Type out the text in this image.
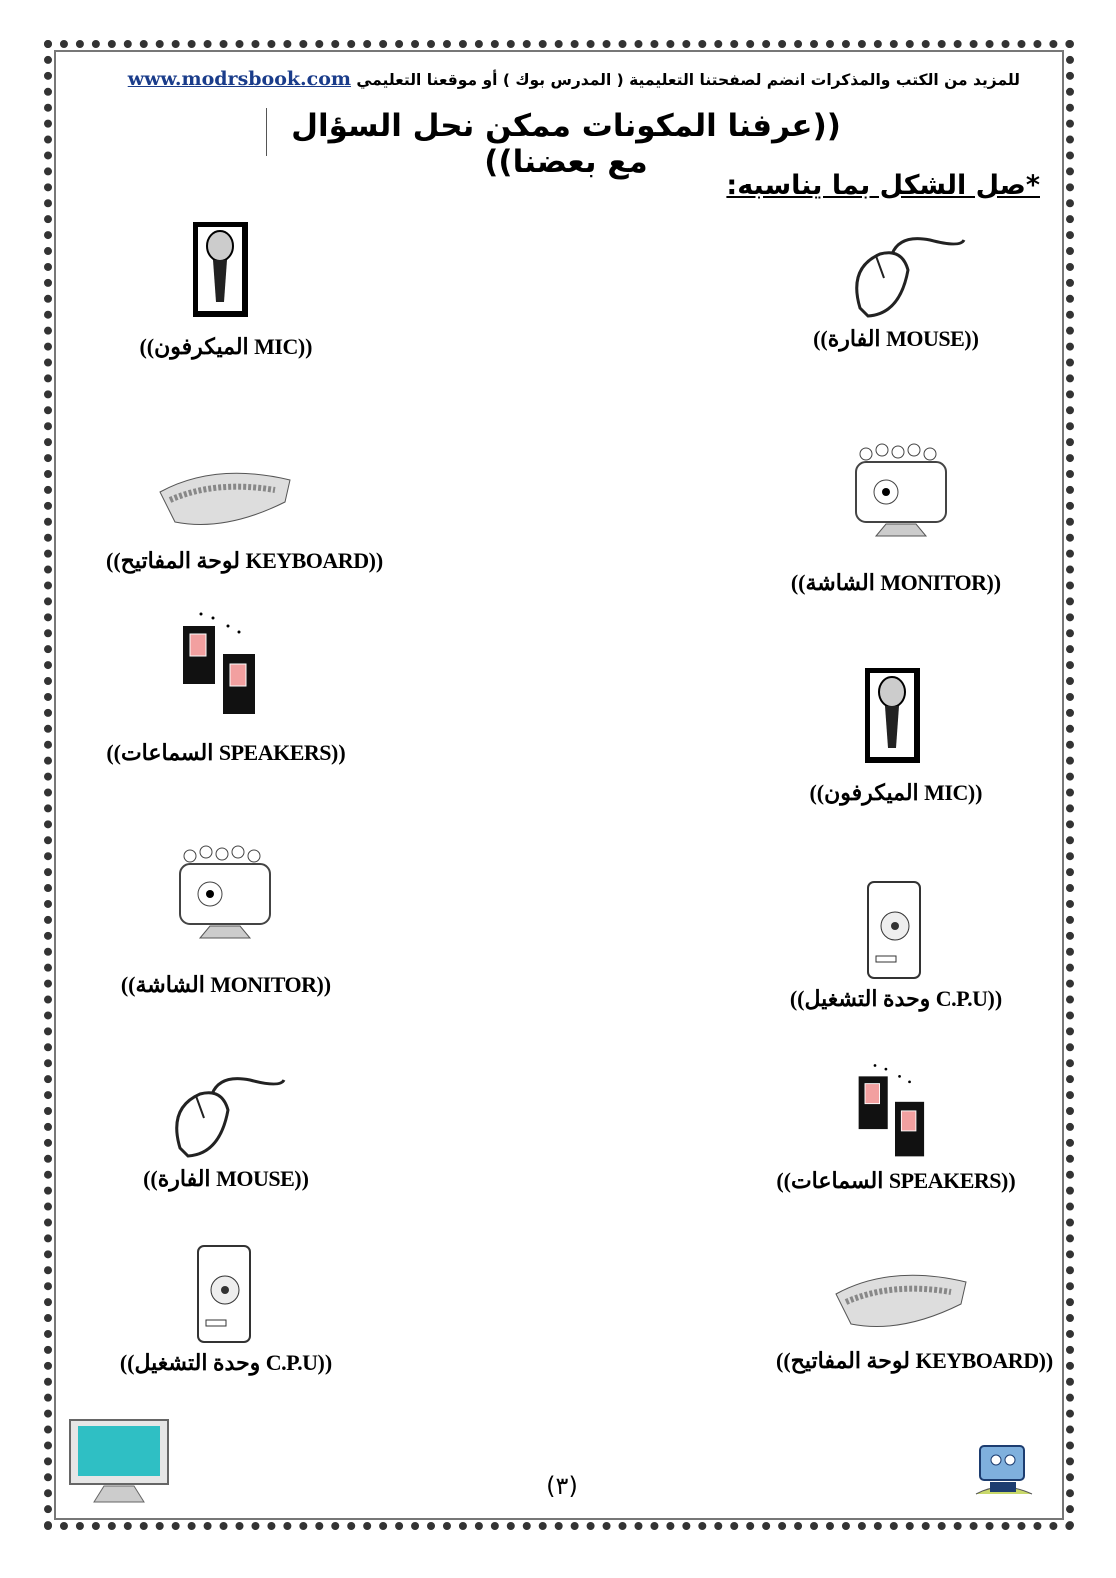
للمزيد من الكتب والمذكرات انضم لصفحتنا التعليمية ( المدرس بوك ) أو موقعنا التعليمي www.modrsbook.com
((عرفنا المكونات ممكن نحل السؤال مع بعضنا))
*صل الشكل بما يناسبه:
((الميكرفون MIC))
((لوحة المفاتيح KEYBOARD))
((السماعات SPEAKERS))
((الشاشة MONITOR))
((الفارة MOUSE))
((وحدة التشغيل C.P.U))
((الفارة MOUSE))
((الشاشة MONITOR))
((الميكرفون MIC))
((وحدة التشغيل C.P.U))
((السماعات SPEAKERS))
((لوحة المفاتيح KEYBOARD))
(٣)
